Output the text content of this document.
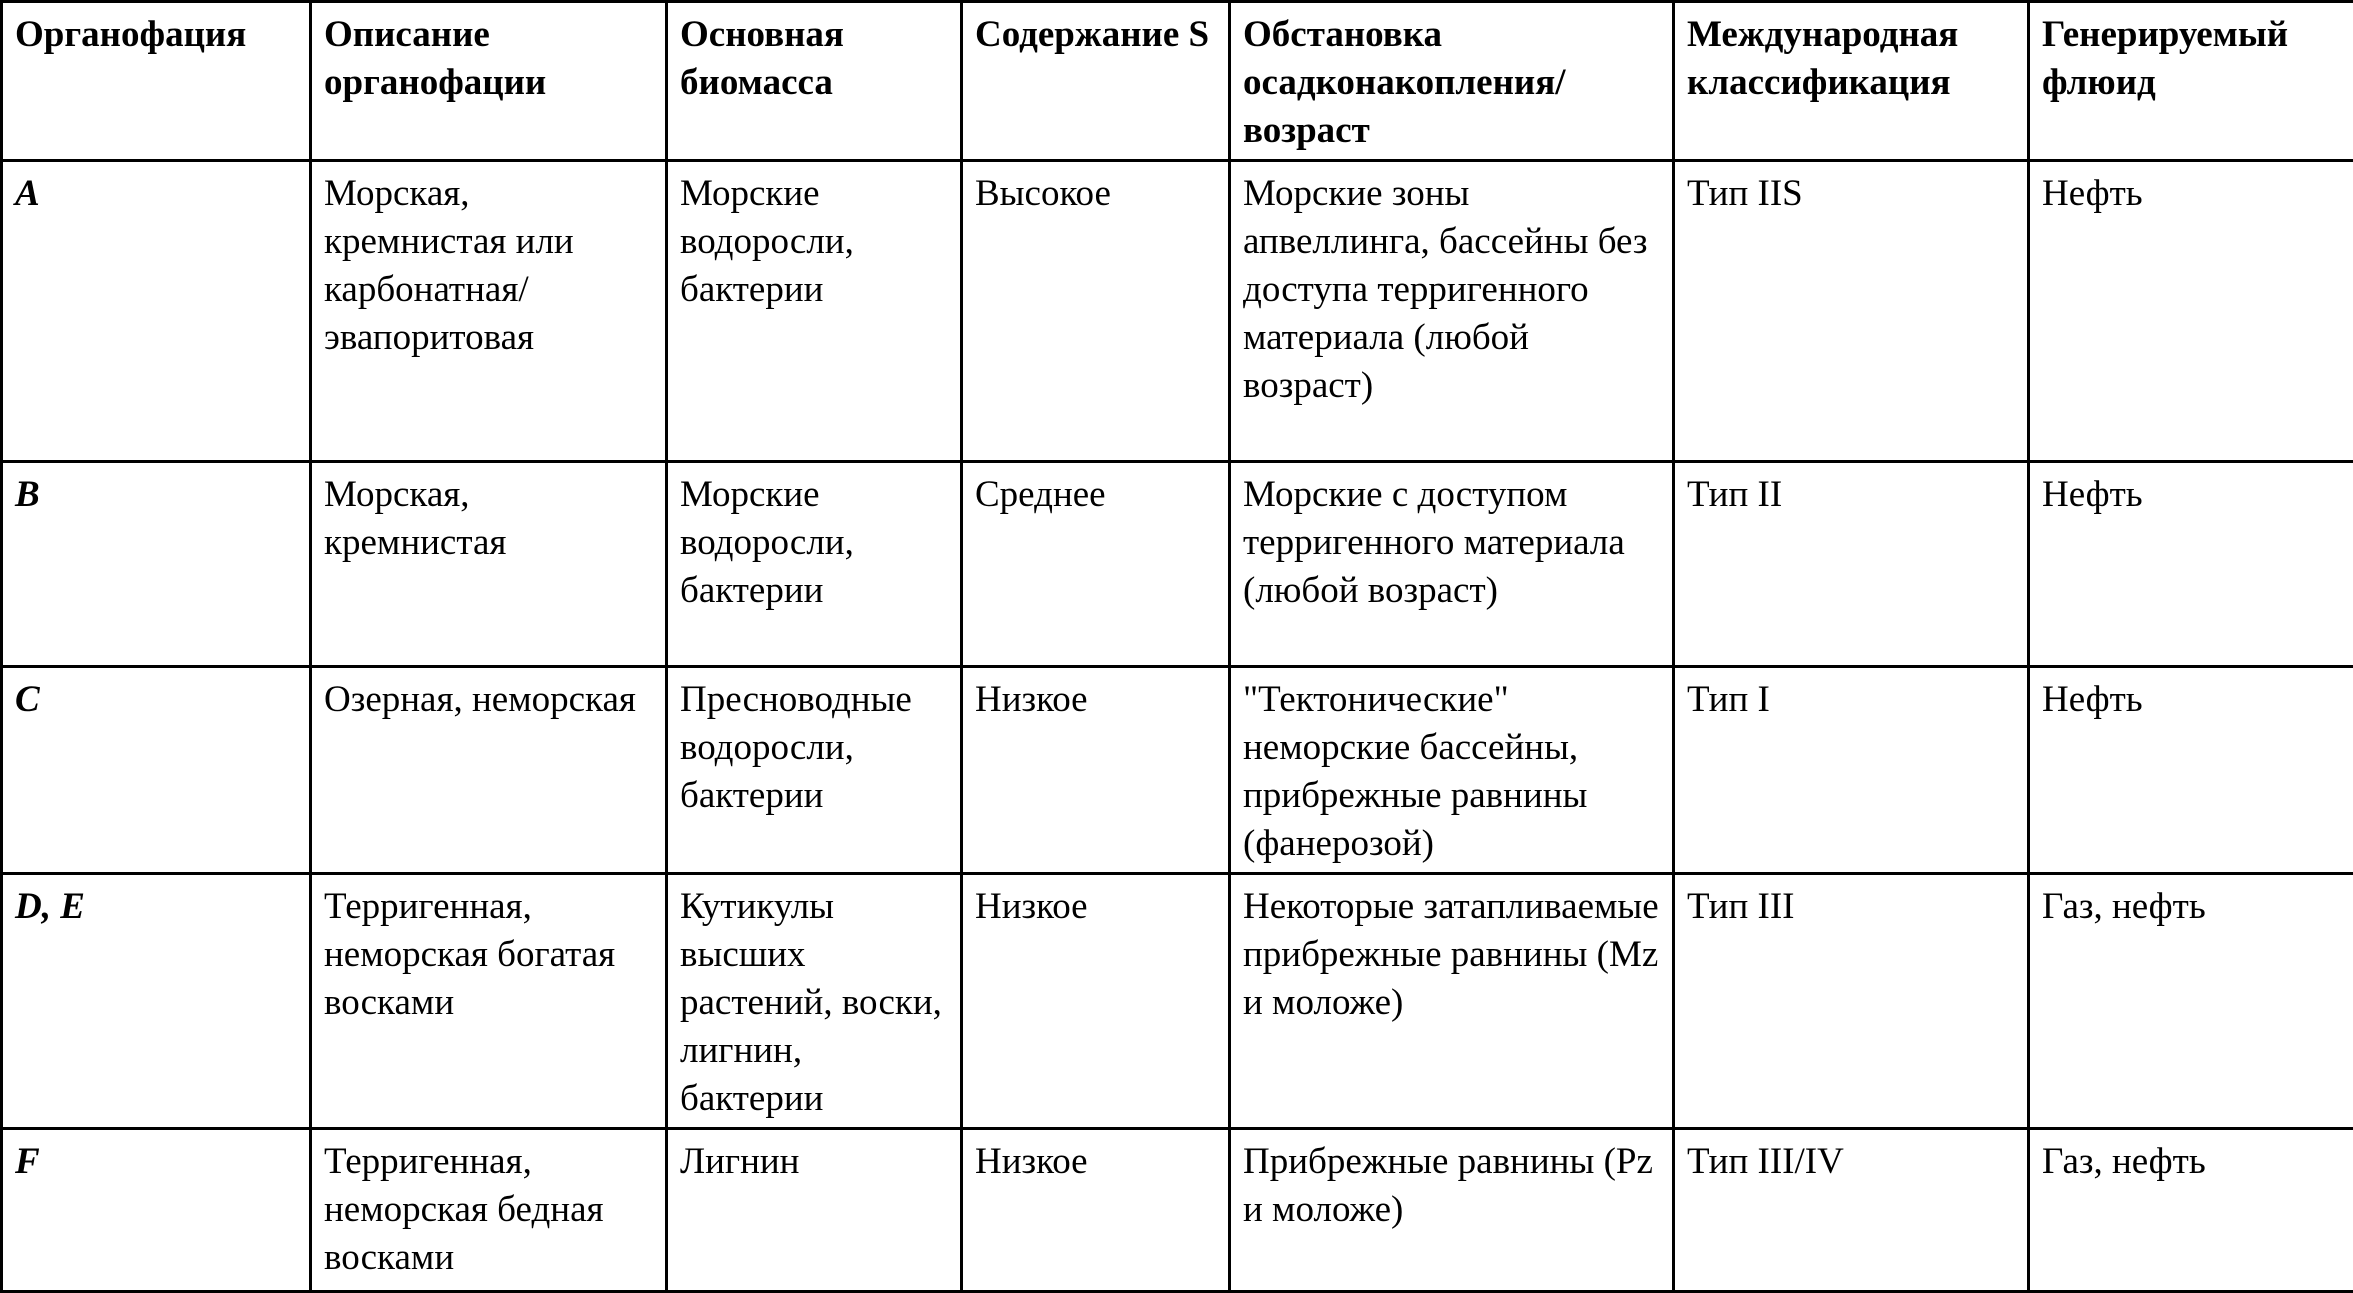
Органофация	Описание органофации	Основная биомасса	Содержание S	Обстановка осадконакопления/ возраст	Международная классификация	Генерируемый флюид
A	Морская, кремнистая или карбонатная/ эвапоритовая	Морские водоросли, бактерии	Высокое	Морские зоны апвеллинга, бассейны без доступа терригенного материала (любой возраст)	Тип IIS	Нефть
B	Морская, кремнистая	Морские водоросли, бактерии	Среднее	Морские с доступом терригенного материала (любой возраст)	Тип II	Нефть
C	Озерная, неморская	Пресноводные водоросли, бактерии	Низкое	"Тектонические" неморские бассейны, прибрежные равнины (фанерозой)	Тип I	Нефть
D, E	Терригенная, неморская богатая восками	Кутикулы высших растений, воски, лигнин, бактерии	Низкое	Некоторые затапливаемые прибрежные равнины (Mz и моложе)	Тип III	Газ, нефть
F	Терригенная, неморская бедная восками	Лигнин	Низкое	Прибрежные равнины (Pz и моложе)	Тип III/IV	Газ, нефть
